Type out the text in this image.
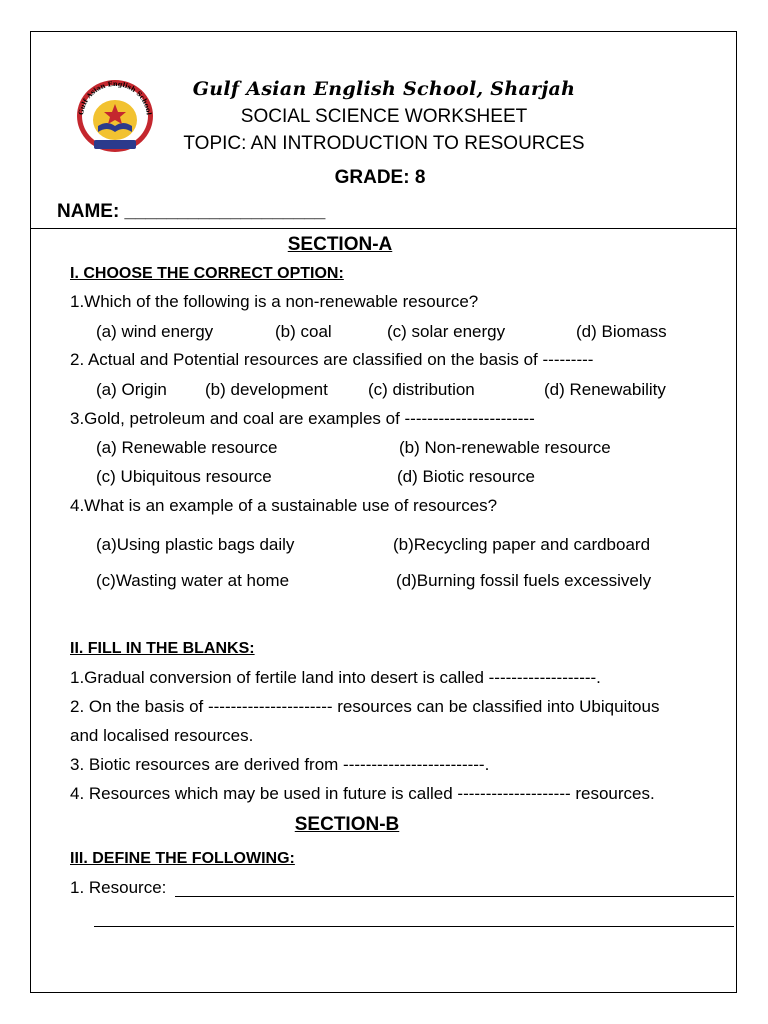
Gulf Asian English School
Gulf Asian English School, Sharjah
SOCIAL SCIENCE WORKSHEET
TOPIC: AN INTRODUCTION TO RESOURCES
GRADE: 8
NAME: ___________________
SECTION-A
I. CHOOSE THE CORRECT OPTION:
1.Which of the following is a non-renewable resource?
(a) wind energy	(b) coal	(c) solar energy	(d) Biomass
2. Actual and Potential resources are classified on the basis of ---------
(a) Origin (b) development (c) distribution	(d) Renewability
3.Gold, petroleum and coal are examples of -----------------------
(a) Renewable resource	(b) Non-renewable resource
(c) Ubiquitous resource	(d) Biotic resource
4.What is an example of a sustainable use of resources?
(a)Using plastic bags daily	(b)Recycling paper and cardboard
(c)Wasting water at home	(d)Burning fossil fuels excessively
II. FILL IN THE BLANKS:
1.Gradual conversion of fertile land into desert is called -------------------.
2. On the basis of ---------------------- resources can be classified into Ubiquitous
and localised resources.
3. Biotic resources are derived from -------------------------.
4. Resources which may be used in future is called -------------------- resources.
SECTION-B
III. DEFINE THE FOLLOWING:
1. Resource:
